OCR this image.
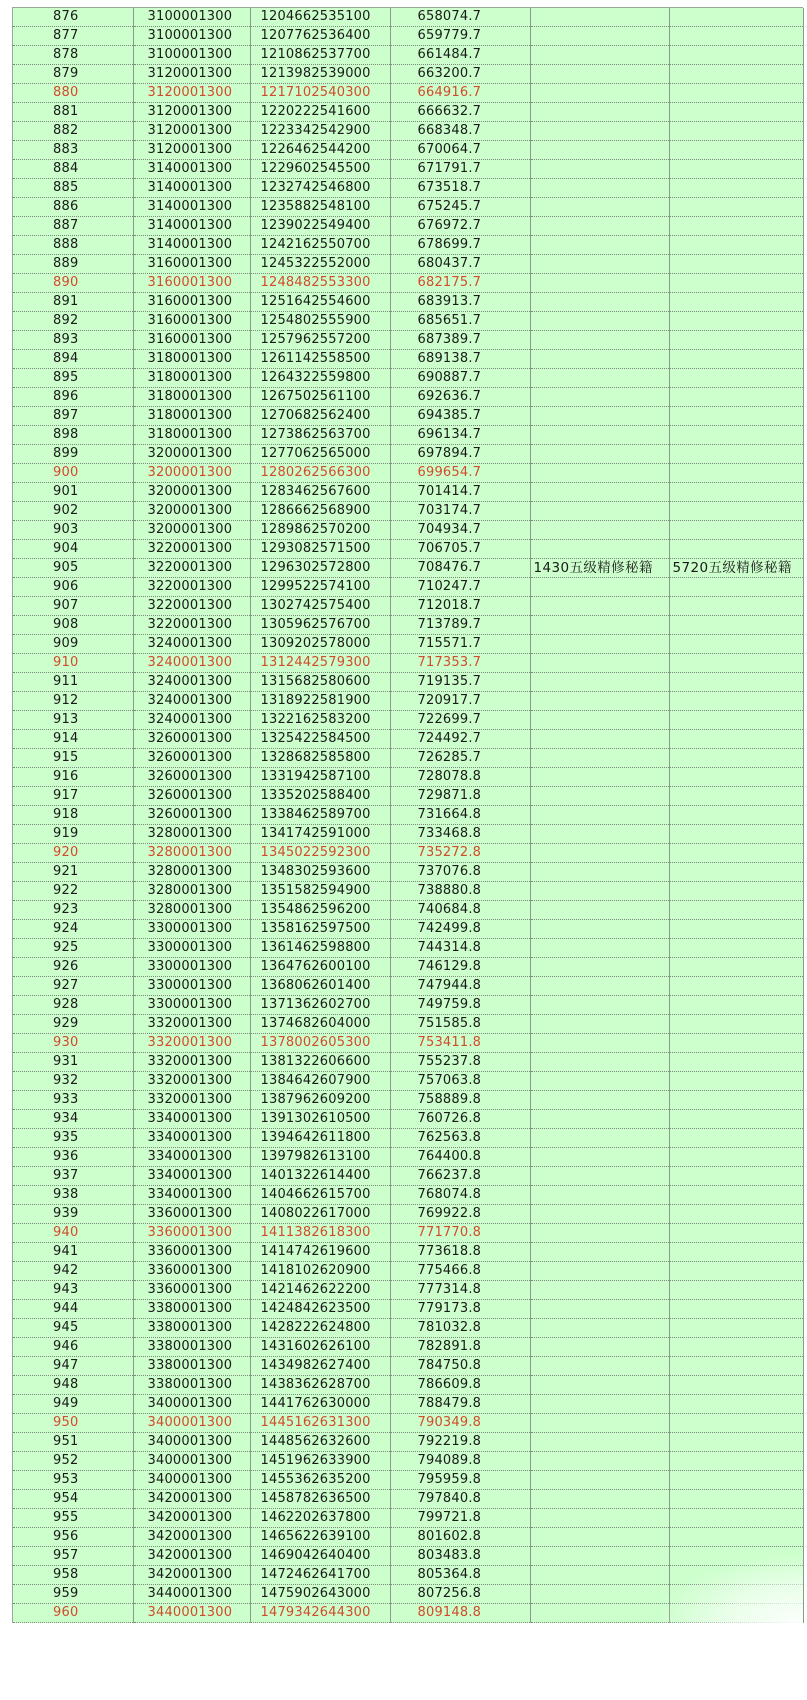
876	3100001300	1204662535100	658074.7		
877	3100001300	1207762536400	659779.7		
878	3100001300	1210862537700	661484.7		
879	3120001300	1213982539000	663200.7		
880	3120001300	1217102540300	664916.7		
881	3120001300	1220222541600	666632.7		
882	3120001300	1223342542900	668348.7		
883	3120001300	1226462544200	670064.7		
884	3140001300	1229602545500	671791.7		
885	3140001300	1232742546800	673518.7		
886	3140001300	1235882548100	675245.7		
887	3140001300	1239022549400	676972.7		
888	3140001300	1242162550700	678699.7		
889	3160001300	1245322552000	680437.7		
890	3160001300	1248482553300	682175.7		
891	3160001300	1251642554600	683913.7		
892	3160001300	1254802555900	685651.7		
893	3160001300	1257962557200	687389.7		
894	3180001300	1261142558500	689138.7		
895	3180001300	1264322559800	690887.7		
896	3180001300	1267502561100	692636.7		
897	3180001300	1270682562400	694385.7		
898	3180001300	1273862563700	696134.7		
899	3200001300	1277062565000	697894.7		
900	3200001300	1280262566300	699654.7		
901	3200001300	1283462567600	701414.7		
902	3200001300	1286662568900	703174.7		
903	3200001300	1289862570200	704934.7		
904	3220001300	1293082571500	706705.7		
905	3220001300	1296302572800	708476.7	1430五级精修秘籍	5720五级精修秘籍
906	3220001300	1299522574100	710247.7		
907	3220001300	1302742575400	712018.7		
908	3220001300	1305962576700	713789.7		
909	3240001300	1309202578000	715571.7		
910	3240001300	1312442579300	717353.7		
911	3240001300	1315682580600	719135.7		
912	3240001300	1318922581900	720917.7		
913	3240001300	1322162583200	722699.7		
914	3260001300	1325422584500	724492.7		
915	3260001300	1328682585800	726285.7		
916	3260001300	1331942587100	728078.8		
917	3260001300	1335202588400	729871.8		
918	3260001300	1338462589700	731664.8		
919	3280001300	1341742591000	733468.8		
920	3280001300	1345022592300	735272.8		
921	3280001300	1348302593600	737076.8		
922	3280001300	1351582594900	738880.8		
923	3280001300	1354862596200	740684.8		
924	3300001300	1358162597500	742499.8		
925	3300001300	1361462598800	744314.8		
926	3300001300	1364762600100	746129.8		
927	3300001300	1368062601400	747944.8		
928	3300001300	1371362602700	749759.8		
929	3320001300	1374682604000	751585.8		
930	3320001300	1378002605300	753411.8		
931	3320001300	1381322606600	755237.8		
932	3320001300	1384642607900	757063.8		
933	3320001300	1387962609200	758889.8		
934	3340001300	1391302610500	760726.8		
935	3340001300	1394642611800	762563.8		
936	3340001300	1397982613100	764400.8		
937	3340001300	1401322614400	766237.8		
938	3340001300	1404662615700	768074.8		
939	3360001300	1408022617000	769922.8		
940	3360001300	1411382618300	771770.8		
941	3360001300	1414742619600	773618.8		
942	3360001300	1418102620900	775466.8		
943	3360001300	1421462622200	777314.8		
944	3380001300	1424842623500	779173.8		
945	3380001300	1428222624800	781032.8		
946	3380001300	1431602626100	782891.8		
947	3380001300	1434982627400	784750.8		
948	3380001300	1438362628700	786609.8		
949	3400001300	1441762630000	788479.8		
950	3400001300	1445162631300	790349.8		
951	3400001300	1448562632600	792219.8		
952	3400001300	1451962633900	794089.8		
953	3400001300	1455362635200	795959.8		
954	3420001300	1458782636500	797840.8		
955	3420001300	1462202637800	799721.8		
956	3420001300	1465622639100	801602.8		
957	3420001300	1469042640400	803483.8		
958	3420001300	1472462641700	805364.8		
959	3440001300	1475902643000	807256.8		
960	3440001300	1479342644300	809148.8		
